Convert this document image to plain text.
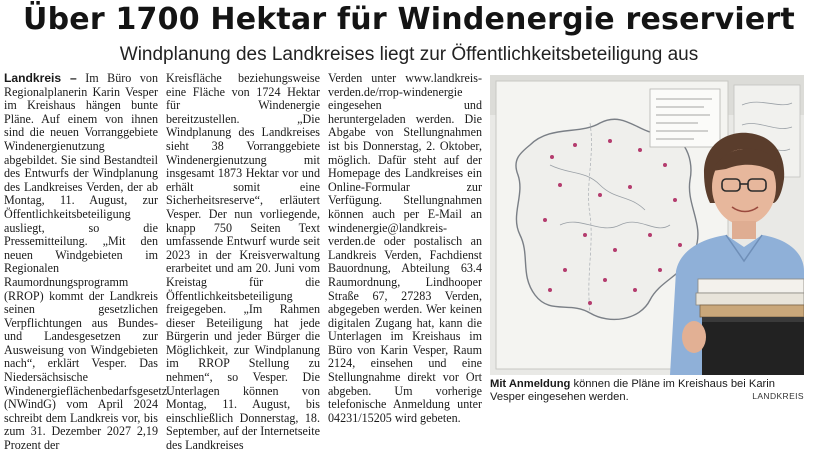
Über 1700 Hektar für Windenergie reserviert
Windplanung des Landkreises liegt zur Öffentlichkeitsbeteiligung aus
Landkreis – Im Büro von Regionalplanerin Karin Vesper im Kreishaus hängen bunte Pläne. Auf einem von ihnen sind die neuen Vorranggebiete Windenergienutzung abgebildet. Sie sind Bestandteil des Entwurfs der Windplanung des Landkreises Verden, der ab Montag, 11. August, zur Öffentlichkeitsbeteiligung ausliegt, so die Pressemitteilung. „Mit den neuen Windgebieten im Regionalen Raumordnungsprogramm (RROP) kommt der Landkreis seinen gesetzlichen Verpflichtungen aus Bundes- und Landesgesetzen zur Ausweisung von Windgebieten nach“, erklärt Vesper. Das Niedersächsische Windenergieflächenbedarfsgesetz (NWindG) vom April 2024 schreibt dem Landkreis vor, bis zum 31. Dezember 2027 2,19 Prozent der
Kreisfläche beziehungsweise eine Fläche von 1724 Hektar für Windenergie bereitzustellen. „Die Windplanung des Landkreises sieht 38 Vorranggebiete Windenergienutzung mit insgesamt 1873 Hektar vor und erhält somit eine Sicherheitsreserve“, erläutert Vesper. Der nun vorliegende, knapp 750 Seiten Text umfassende Entwurf wurde seit 2023 in der Kreisverwaltung erarbeitet und am 20. Juni vom Kreistag für die Öffentlichkeitsbeteiligung freigegeben. „Im Rahmen dieser Beteiligung hat jede Bürgerin und jeder Bürger die Möglichkeit, zur Windplanung im RROP Stellung zu nehmen“, so Vesper. Die Unterlagen können von Montag, 11. August, bis einschließlich Donnerstag, 18. September, auf der Internetseite des Landkreises
Verden unter www.landkreis-verden.de/rrop-windenergie eingesehen und heruntergeladen werden. Die Abgabe von Stellungnahmen ist bis Donnerstag, 2. Oktober, möglich. Dafür steht auf der Homepage des Landkreises ein Online-Formular zur Verfügung. Stellungnahmen können auch per E-Mail an windenergie@landkreis-verden.de oder postalisch an Landkreis Verden, Fachdienst Bauordnung, Abteilung 63.4 Raumordnung, Lindhooper Straße 67, 27283 Verden, abgegeben werden. Wer keinen digitalen Zugang hat, kann die Unterlagen im Kreishaus im Büro von Karin Vesper, Raum 2124, einsehen und eine Stellungnahme direkt vor Ort abgeben. Um vorherige telefonische Anmeldung unter 04231/15205 wird gebeten.
Mit Anmeldung können die Pläne im Kreishaus bei Karin Vesper eingesehen werden.	LANDKREIS
